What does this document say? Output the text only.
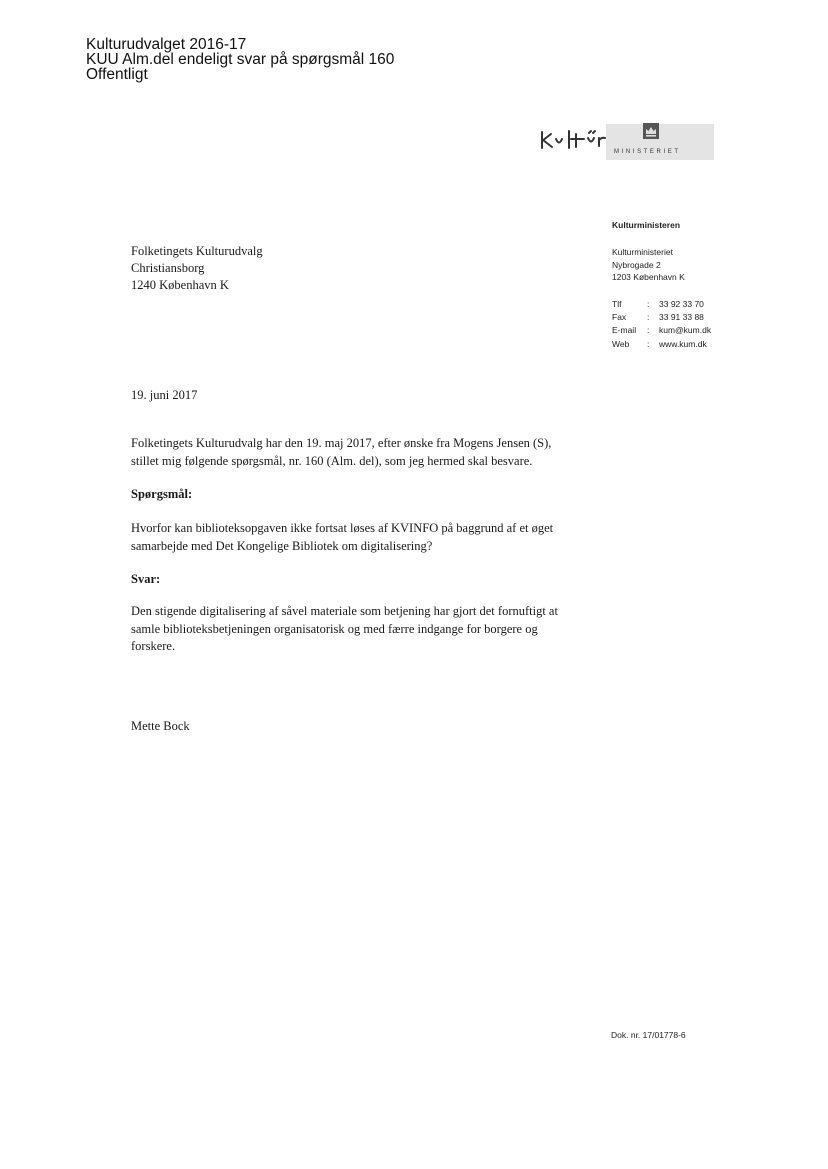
Kulturudvalget 2016-17
KUU Alm.del endeligt svar på spørgsmål 160
Offentligt
MINISTERIET
Kulturministeren
Kulturministeriet
Nybrogade 2
1203 København K
Tlf	:	33 92 33 70
Fax	:	33 91 33 88
E-mail	:	kum@kum.dk
Web	:	www.kum.dk
Folketingets Kulturudvalg
Christiansborg
1240 København K
19. juni 2017
Folketingets Kulturudvalg har den 19. maj 2017, efter ønske fra Mogens Jensen (S),
stillet mig følgende spørgsmål, nr. 160 (Alm. del), som jeg hermed skal besvare.
Spørgsmål:
Hvorfor kan biblioteksopgaven ikke fortsat løses af KVINFO på baggrund af et øget
samarbejde med Det Kongelige Bibliotek om digitalisering?
Svar:
Den stigende digitalisering af såvel materiale som betjening har gjort det fornuftigt at
samle biblioteksbetjeningen organisatorisk og med færre indgange for borgere og
forskere.
Mette Bock
Dok. nr. 17/01778-6
